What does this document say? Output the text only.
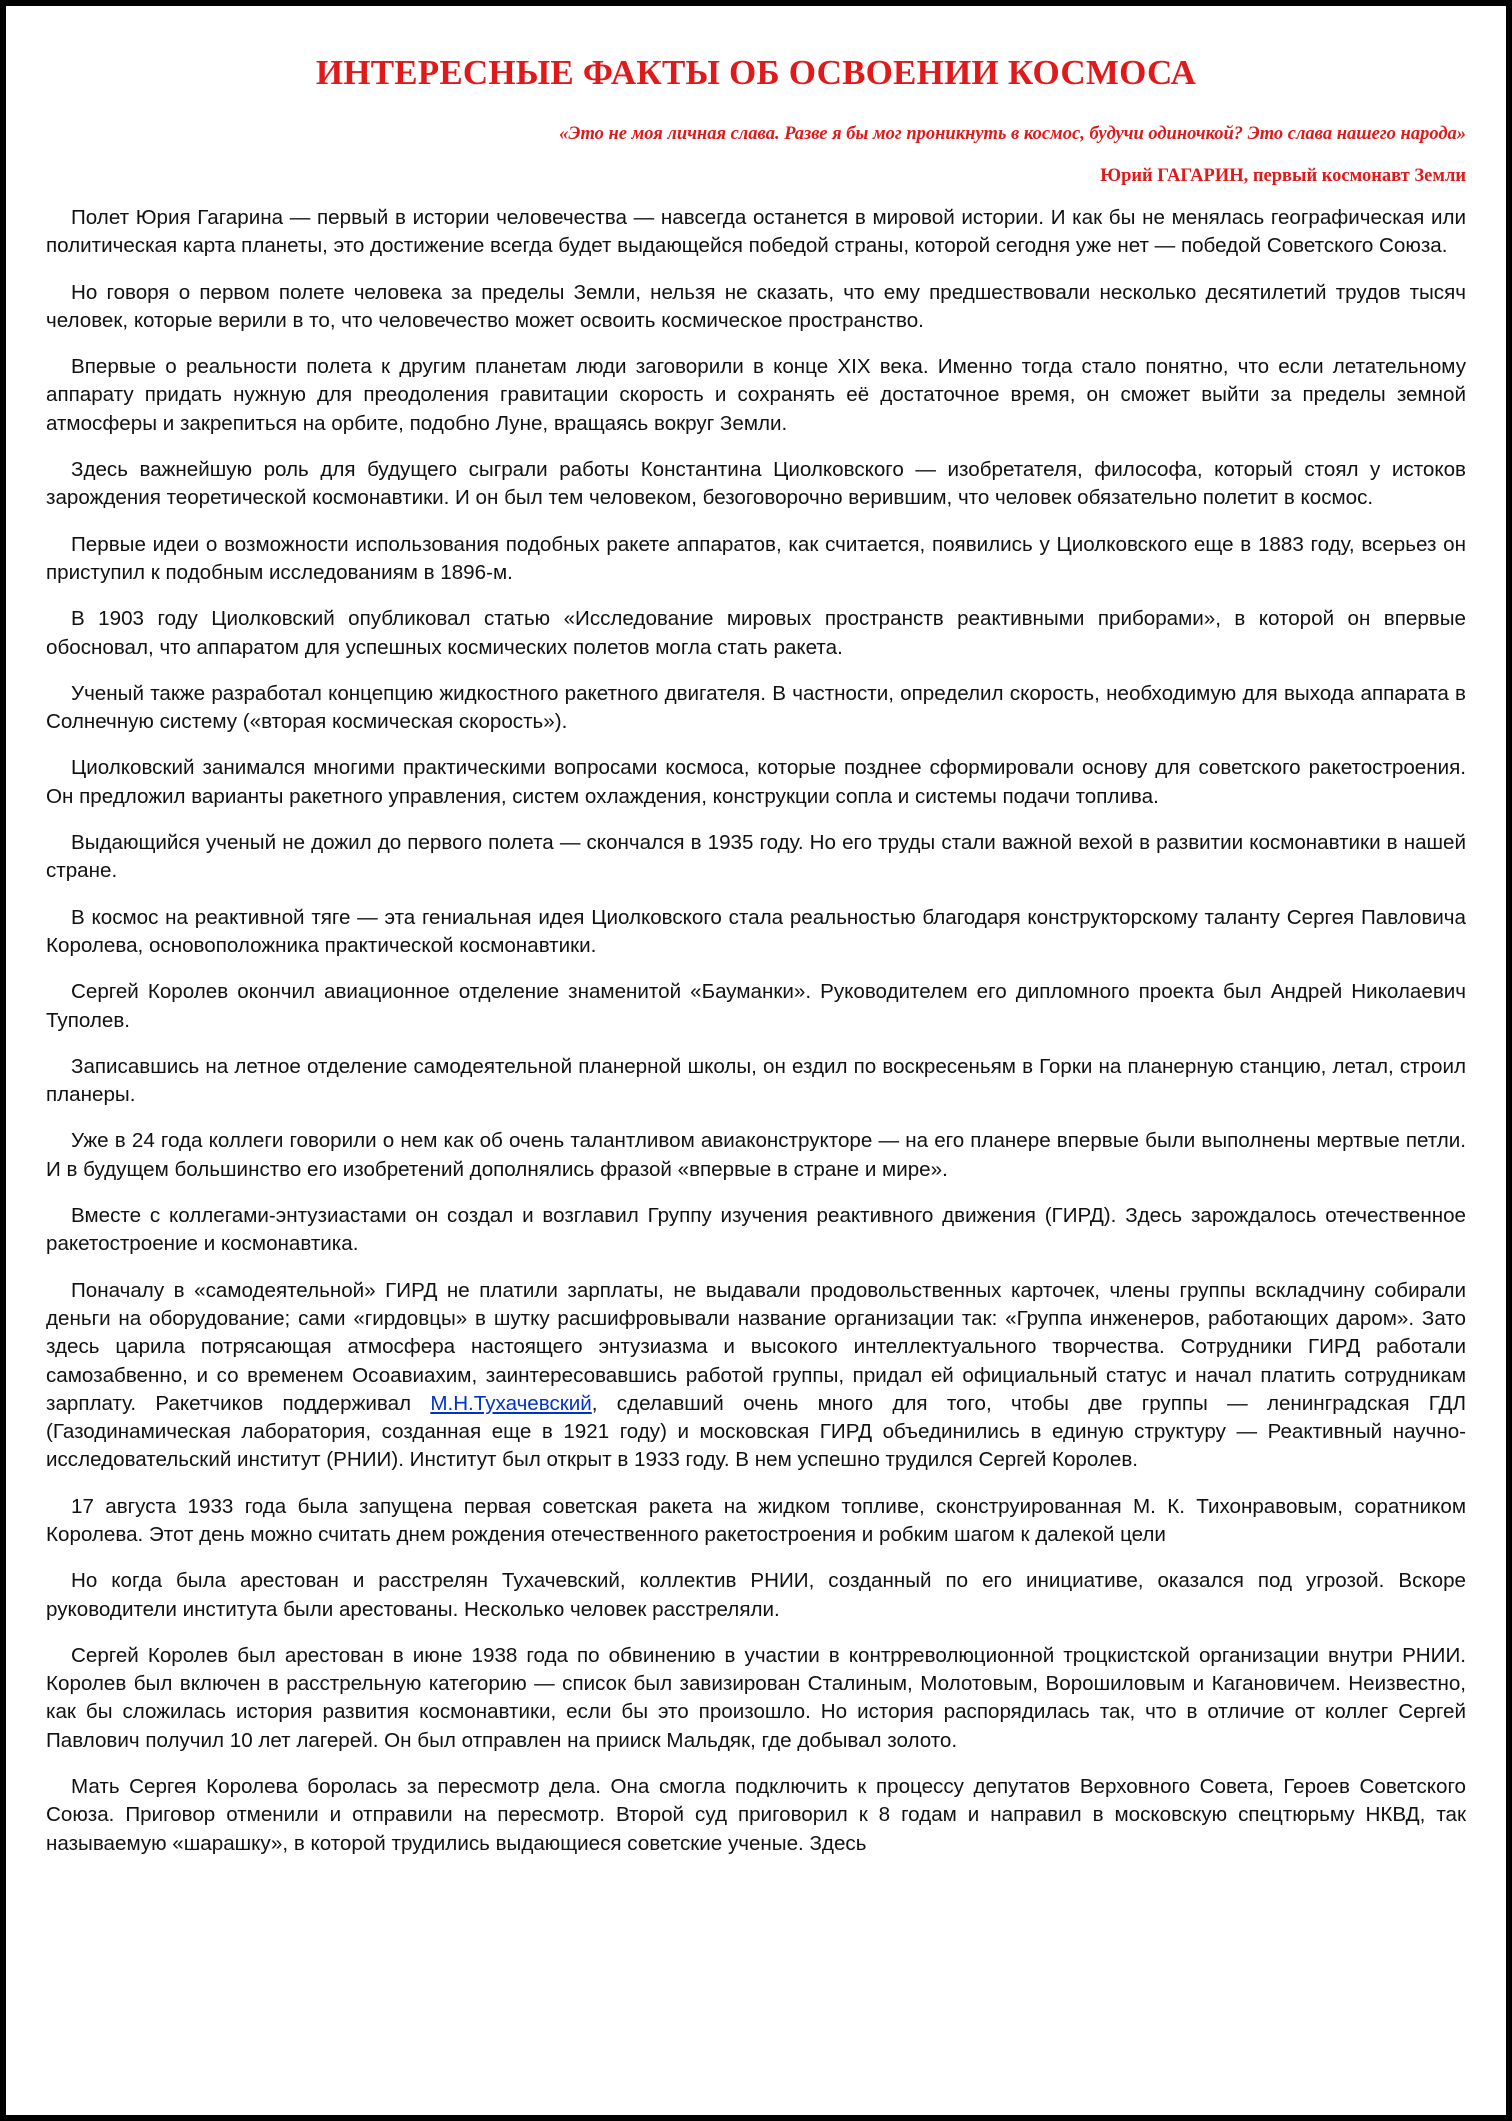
ИНТЕРЕСНЫЕ ФАКТЫ ОБ ОСВОЕНИИ КОСМОСА

«Это не моя личная слава. Разве я бы мог проникнуть в космос, будучи одиночкой? Это слава нашего народа»

Юрий ГАГАРИН, первый космонавт Земли

Полет Юрия Гагарина — первый в истории человечества — навсегда останется в мировой истории. И как бы не менялась географическая или политическая карта планеты, это достижение всегда будет выдающейся победой страны, которой сегодня уже нет — победой Советского Союза.

Но говоря о первом полете человека за пределы Земли, нельзя не сказать, что ему предшествовали несколько десятилетий трудов тысяч человек, которые верили в то, что человечество может освоить космическое пространство.

Впервые о реальности полета к другим планетам люди заговорили в конце XIX века. Именно тогда стало понятно, что если летательному аппарату придать нужную для преодоления гравитации скорость и сохранять её достаточное время, он сможет выйти за пределы земной атмосферы и закрепиться на орбите, подобно Луне, вращаясь вокруг Земли.

Здесь важнейшую роль для будущего сыграли работы Константина Циолковского — изобретателя, философа, который стоял у истоков зарождения теоретической космонавтики. И он был тем человеком, безоговорочно верившим, что человек обязательно полетит в космос.

Первые идеи о возможности использования подобных ракете аппаратов, как считается, появились у Циолковского еще в 1883 году, всерьез он приступил к подобным исследованиям в 1896-м.

В 1903 году Циолковский опубликовал статью «Исследование мировых пространств реактивными приборами», в которой он впервые обосновал, что аппаратом для успешных космических полетов могла стать ракета.

Ученый также разработал концепцию жидкостного ракетного двигателя. В частности, определил скорость, необходимую для выхода аппарата в Солнечную систему («вторая космическая скорость»).

Циолковский занимался многими практическими вопросами космоса, которые позднее сформировали основу для советского ракетостроения. Он предложил варианты ракетного управления, систем охлаждения, конструкции сопла и системы подачи топлива.

Выдающийся ученый не дожил до первого полета — скончался в 1935 году. Но его труды стали важной вехой в развитии космонавтики в нашей стране.

В космос на реактивной тяге — эта гениальная идея Циолковского стала реальностью благодаря конструкторскому таланту Сергея Павловича Королева, основоположника практической космонавтики.

Сергей Королев окончил авиационное отделение знаменитой «Бауманки». Руководителем его дипломного проекта был Андрей Николаевич Туполев.

Записавшись на летное отделение самодеятельной планерной школы, он ездил по воскресеньям в Горки на планерную станцию, летал, строил планеры.

Уже в 24 года коллеги говорили о нем как об очень талантливом авиаконструкторе — на его планере впервые были выполнены мертвые петли. И в будущем большинство его изобретений дополнялись фразой «впервые в стране и мире».

Вместе с коллегами-энтузиастами он создал и возглавил Группу изучения реактивного движения (ГИРД). Здесь зарождалось отечественное ракетостроение и космонавтика.

Поначалу в «самодеятельной» ГИРД не платили зарплаты, не выдавали продовольственных карточек, члены группы вскладчину собирали деньги на оборудование; сами «гирдовцы» в шутку расшифровывали название организации так: «Группа инженеров, работающих даром». Зато здесь царила потрясающая атмосфера настоящего энтузиазма и высокого интеллектуального творчества. Сотрудники ГИРД работали самозабвенно, и со временем Осоавиахим, заинтересовавшись работой группы, придал ей официальный статус и начал платить сотрудникам зарплату. Ракетчиков поддерживал М.Н.Тухачевский, сделавший очень много для того, чтобы две группы — ленинградская ГДЛ (Газодинамическая лаборатория, созданная еще в 1921 году) и московская ГИРД объединились в единую структуру — Реактивный научно-исследовательский институт (РНИИ). Институт был открыт в 1933 году. В нем успешно трудился Сергей Королев.

17 августа 1933 года была запущена первая советская ракета на жидком топливе, сконструированная М. К. Тихонравовым, соратником Королева. Этот день можно считать днем рождения отечественного ракетостроения и робким шагом к далекой цели

Но когда была арестован и расстрелян Тухачевский, коллектив РНИИ, созданный по его инициативе, оказался под угрозой. Вскоре руководители института были арестованы. Несколько человек расстреляли.

Сергей Королев был арестован в июне 1938 года по обвинению в участии в контрреволюционной троцкистской организации внутри РНИИ. Королев был включен в расстрельную категорию — список был завизирован Сталиным, Молотовым, Ворошиловым и Кагановичем. Неизвестно, как бы сложилась история развития космонавтики, если бы это произошло. Но история распорядилась так, что в отличие от коллег Сергей Павлович получил 10 лет лагерей. Он был отправлен на прииск Мальдяк, где добывал золото.

Мать Сергея Королева боролась за пересмотр дела. Она смогла подключить к процессу депутатов Верховного Совета, Героев Советского Союза. Приговор отменили и отправили на пересмотр. Второй суд приговорил к 8 годам и направил в московскую спецтюрьму НКВД, так называемую «шарашку», в которой трудились выдающиеся советские ученые. Здесь
